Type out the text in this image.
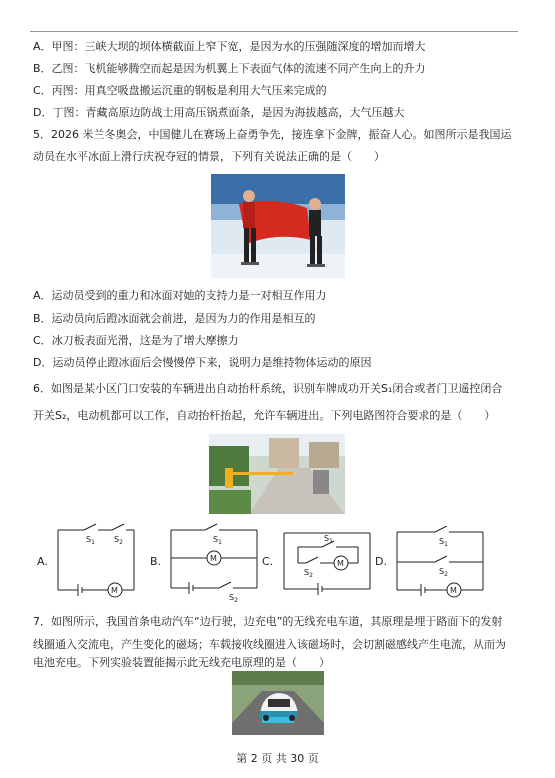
A．甲图：三峡大坝的坝体横截面上窄下宽，是因为水的压强随深度的增加而增大
B．乙图：飞机能够腾空而起是因为机翼上下表面气体的流速不同产生向上的升力
C．丙图：用真空吸盘搬运沉重的钢板是利用大气压来完成的
D．丁图：青藏高原边防战士用高压锅煮面条，是因为海拔越高，大气压越大
5．2026 米兰冬奥会，中国健儿在赛场上奋勇争先，接连拿下金牌，振奋人心。如图所示是我国运
动员在水平冰面上滑行庆祝夺冠的情景，下列有关说法正确的是（　　）
A．运动员受到的重力和冰面对她的支持力是一对相互作用力
B．运动员向后蹬冰面就会前进，是因为力的作用是相互的
C．冰刀板表面光滑，这是为了增大摩擦力
D．运动员停止蹬冰面后会慢慢停下来，说明力是维持物体运动的原因
6．如图是某小区门口安装的车辆进出自动抬杆系统，识别车牌成功开关S₁闭合或者门卫遥控闭合
开关S₂，电动机都可以工作，自动抬杆抬起，允许车辆进出。下列电路图符合要求的是（　　）
A.	B.	C.	D.
$S_1$ $S_2$
M
$S_1$
M
$S_2$
$S_1$
$S_2$
M
$S_1$
$S_2$
M
7．如图所示，我国首条电动汽车“边行驶，边充电”的无线充电车道，其原理是埋于路面下的发射
线圈通入交流电，产生变化的磁场；车载接收线圈进入该磁场时，会切割磁感线产生电流，从而为
电池充电。下列实验装置能揭示此无线充电原理的是（　　）
第 2 页 共 30 页
